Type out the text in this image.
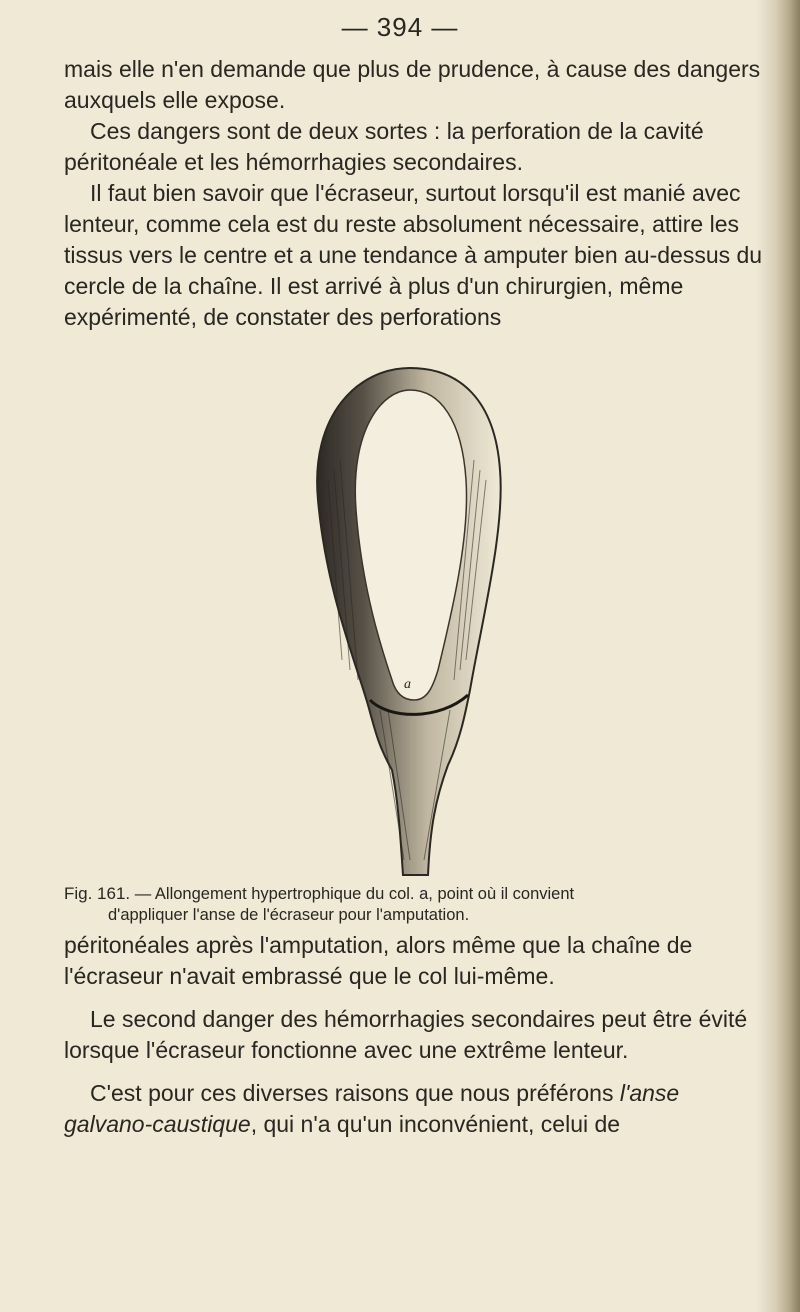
— 394 —

mais elle n'en demande que plus de prudence, à cause des dangers auxquels elle expose.

Ces dangers sont de deux sortes : la perforation de la cavité péritonéale et les hémorrhagies secondaires.

Il faut bien savoir que l'écraseur, surtout lorsqu'il est manié avec lenteur, comme cela est du reste absolument nécessaire, attire les tissus vers le centre et a une tendance à amputer bien au-dessus du cercle de la chaîne. Il est arrivé à plus d'un chirurgien, même expérimenté, de constater des perforations

a
Fig. 161. — Allongement hypertrophique du col. a, point où il convient
d'appliquer l'anse de l'écraseur pour l'amputation.

péritonéales après l'amputation, alors même que la chaîne de l'écraseur n'avait embrassé que le col lui-même.

Le second danger des hémorrhagies secondaires peut être évité lorsque l'écraseur fonctionne avec une extrême lenteur.

C'est pour ces diverses raisons que nous préférons l'anse galvano-caustique, qui n'a qu'un inconvénient, celui de
